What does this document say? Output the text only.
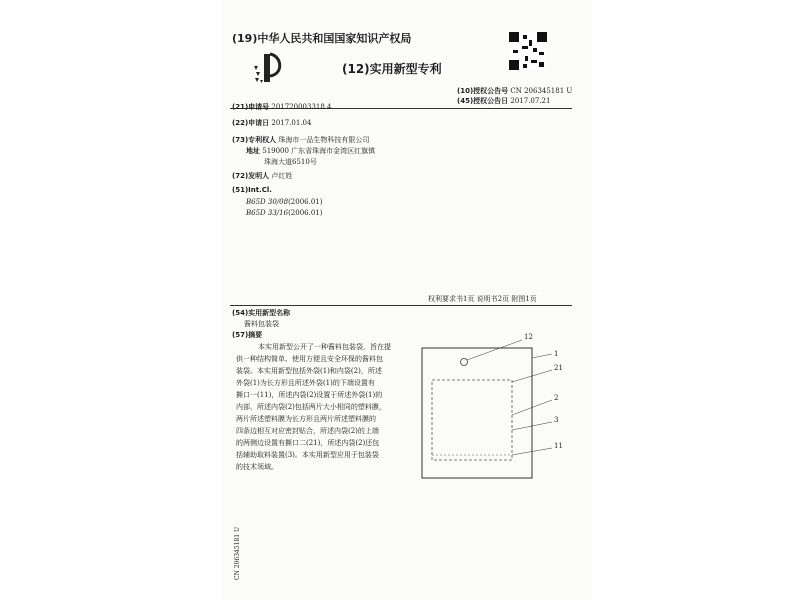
(19)中华人民共和国国家知识产权局
(12)实用新型专利
(10)授权公告号 CN 206345181 U
(45)授权公告日 2017.07.21
(21)申请号 201720003318.4
(22)申请日 2017.01.04
(73)专利权人 珠海市一品生物科技有限公司
地址 519000 广东省珠海市金湾区红旗镇
珠海大道6510号
(72)发明人 卢红姓
(51)Int.Cl.
B65D 30/08(2006.01)
B65D 33/16(2006.01)
权利要求书1页 说明书2页 附图1页
(54)实用新型名称
酱料包装袋
(57)摘要
本实用新型公开了一种酱料包装袋，旨在提
供一种结构简单、使用方便且安全环保的酱料包
装袋。本实用新型包括外袋(1)和内袋(2)，所述
外袋(1)为长方形且所述外袋(1)的下端设置有
撕口一(11)，所述内袋(2)设置于所述外袋(1)的
内部，所述内袋(2)包括两片大小相同的塑料膜，
两片所述塑料膜为长方形且两片所述塑料膜的
四条边相互对应密封贴合，所述内袋(2)的上端
的两侧边设置有撕口二(21)，所述内袋(2)还包
括辅助取料装置(3)。本实用新型应用于包装袋
的技术领域。
12
1
21
2
3
11
CN 206345181 U
